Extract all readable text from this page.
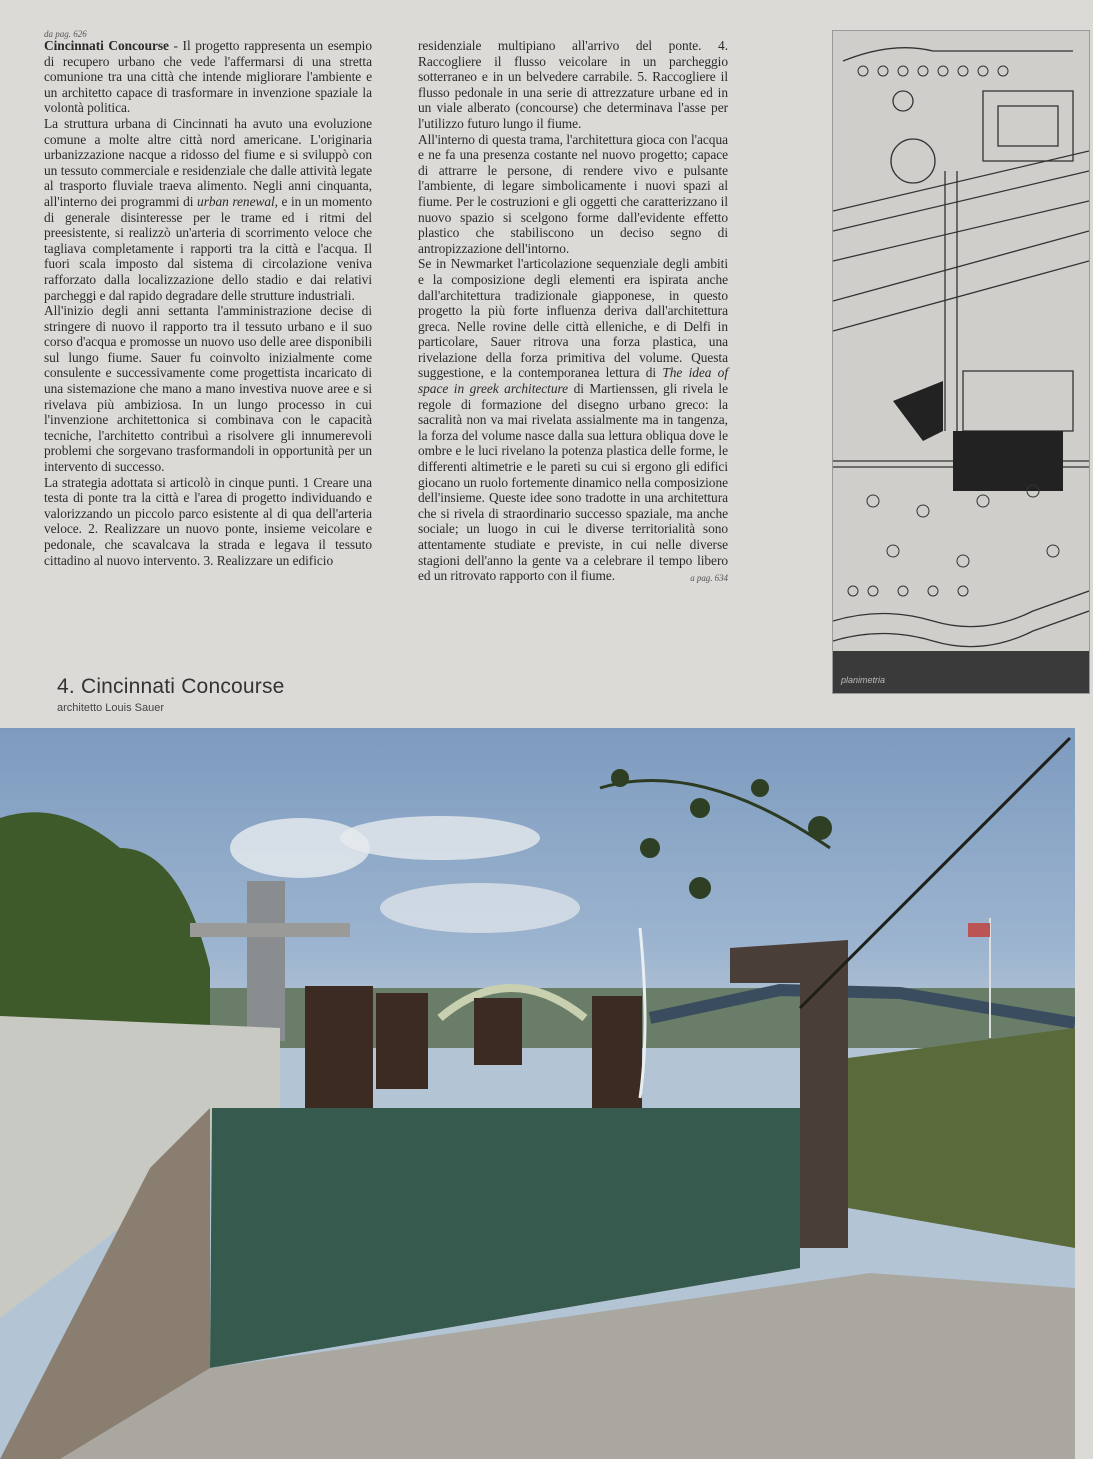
da pag. 626

Cincinnati Concourse - Il progetto rappresenta un esempio di recupero urbano che vede l'affermarsi di una stretta comunione tra una città che intende migliorare l'ambiente e un architetto capace di trasformare in invenzione spaziale la volontà politica.

La struttura urbana di Cincinnati ha avuto una evoluzione comune a molte altre città nord americane. L'originaria urbanizzazione nacque a ridosso del fiume e si sviluppò con un tessuto commerciale e residenziale che dalle attività legate al trasporto fluviale traeva alimento. Negli anni cinquanta, all'interno dei programmi di urban renewal, e in un momento di generale disinteresse per le trame ed i ritmi del preesistente, si realizzò un'arteria di scorrimento veloce che tagliava completamente i rapporti tra la città e l'acqua. Il fuori scala imposto dal sistema di circolazione veniva rafforzato dalla localizzazione dello stadio e dai relativi parcheggi e dal rapido degradare delle strutture industriali.

All'inizio degli anni settanta l'amministrazione decise di stringere di nuovo il rapporto tra il tessuto urbano e il suo corso d'acqua e promosse un nuovo uso delle aree disponibili sul lungo fiume. Sauer fu coinvolto inizialmente come consulente e successivamente come progettista incaricato di una sistemazione che mano a mano investiva nuove aree e si rivelava più ambiziosa. In un lungo processo in cui l'invenzione architettonica si combinava con le capacità tecniche, l'architetto contribuì a risolvere gli innumerevoli problemi che sorgevano trasformandoli in opportunità per un intervento di successo.

La strategia adottata si articolò in cinque punti. 1 Creare una testa di ponte tra la città e l'area di progetto individuando e valorizzando un piccolo parco esistente al di qua dell'arteria veloce. 2. Realizzare un nuovo ponte, insieme veicolare e pedonale, che scavalcava la strada e legava il tessuto cittadino al nuovo intervento. 3. Realizzare un edificio

residenziale multipiano all'arrivo del ponte. 4. Raccogliere il flusso veicolare in un parcheggio sotterraneo e in un belvedere carrabile. 5. Raccogliere il flusso pedonale in una serie di attrezzature urbane ed in un viale alberato (concourse) che determinava l'asse per l'utilizzo futuro lungo il fiume.

All'interno di questa trama, l'architettura gioca con l'acqua e ne fa una presenza costante nel nuovo progetto; capace di attrarre le persone, di rendere vivo e pulsante l'ambiente, di legare simbolicamente i nuovi spazi al fiume. Per le costruzioni e gli oggetti che caratterizzano il nuovo spazio si scelgono forme dall'evidente effetto plastico che stabiliscono un deciso segno di antropizzazione dell'intorno.

Se in Newmarket l'articolazione sequenziale degli ambiti e la composizione degli elementi era ispirata anche dall'architettura tradizionale giapponese, in questo progetto la più forte influenza deriva dall'architettura greca. Nelle rovine delle città elleniche, e di Delfi in particolare, Sauer ritrova una forza plastica, una rivelazione della forza primitiva del volume. Questa suggestione, e la contemporanea lettura di The idea of space in greek architecture di Martienssen, gli rivela le regole di formazione del disegno urbano greco: la sacralità non va mai rivelata assialmente ma in tangenza, la forza del volume nasce dalla sua lettura obliqua dove le ombre e le luci rivelano la potenza plastica delle forme, le differenti altimetrie e le pareti su cui si ergono gli edifici giocano un ruolo fortemente dinamico nella composizione dell'insieme. Queste idee sono tradotte in una architettura che si rivela di straordinario successo spaziale, ma anche sociale; un luogo in cui le diverse territorialità sono attentamente studiate e previste, in cui nelle diverse stagioni dell'anno la gente va a celebrare il tempo libero ed un ritrovato rapporto con il fiume.	a pag. 634

planimetria
4. Cincinnati Concourse
architetto Louis Sauer
